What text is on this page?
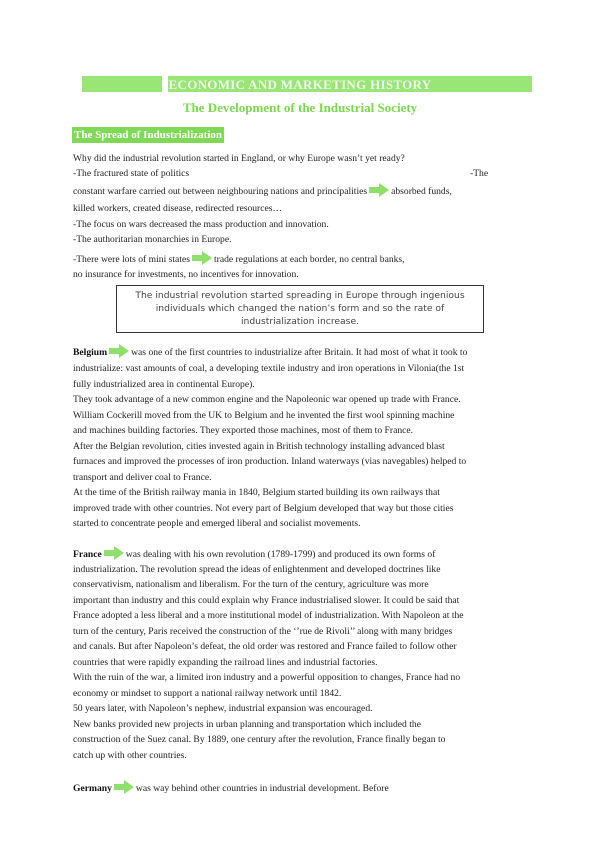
ECONOMIC AND MARKETING HISTORY
The Development of the Industrial Society
The Spread of Industrialization
Why did the industrial revolution started in England, or why Europe wasn’t yet ready?
-The fractured state of politics	-The
constant warfare carried out between neighbouring nations and principalities	absorbed funds,
killed workers, created disease, redirected resources…
-The focus on wars decreased the mass production and innovation.
-The authoritarian monarchies in Europe.
-There were lots of mini states	trade regulations at each border, no central banks,
no insurance for investments, no incentives for innovation.
The industrial revolution started spreading in Europe through ingenious individuals which changed the nation’s form and so the rate of industrialization increase.
Belgium	was one of the first countries to industrialize after Britain. It had most of what it took to
industrialize: vast amounts of coal, a developing textile industry and iron operations in Vilonia(the 1st
fully industrialized area in continental Europe).
They took advantage of a new common engine and the Napoleonic war opened up trade with France.
William Cockerill moved from the UK to Belgium and he invented the first wool spinning machine
and machines building factories. They exported those machines, most of them to France.
After the Belgian revolution, cities invested again in British technology installing advanced blast
furnaces and improved the processes of iron production. Inland waterways (vias navegables) helped to
transport and deliver coal to France.
At the time of the British railway mania in 1840, Belgium started building its own railways that
improved trade with other countries. Not every part of Belgium developed that way but those cities
started to concentrate people and emerged liberal and socialist movements.
France	was dealing with his own revolution (1789-1799) and produced its own forms of
industrialization. The revolution spread the ideas of enlightenment and developed doctrines like
conservativism, nationalism and liberalism. For the turn of the century, agriculture was more
important than industry and this could explain why France industrialised slower. It could be said that
France adopted a less liberal and a more institutional model of industrialization. With Napoleon at the
turn of the century, Paris received the construction of the ‘’rue de Rivoli’’ along with many bridges
and canals. But after Napoleon’s defeat, the old order was restored and France failed to follow other
countries that were rapidly expanding the railroad lines and industrial factories.
With the ruin of the war, a limited iron industry and a powerful opposition to changes, France had no
economy or mindset to support a national railway network until 1842.
50 years later, with Napoleon’s nephew, industrial expansion was encouraged.
New banks provided new projects in urban planning and transportation which included the
construction of the Suez canal. By 1889, one century after the revolution, France finally began to
catch up with other countries.
Germany	was way behind other countries in industrial development. Before
